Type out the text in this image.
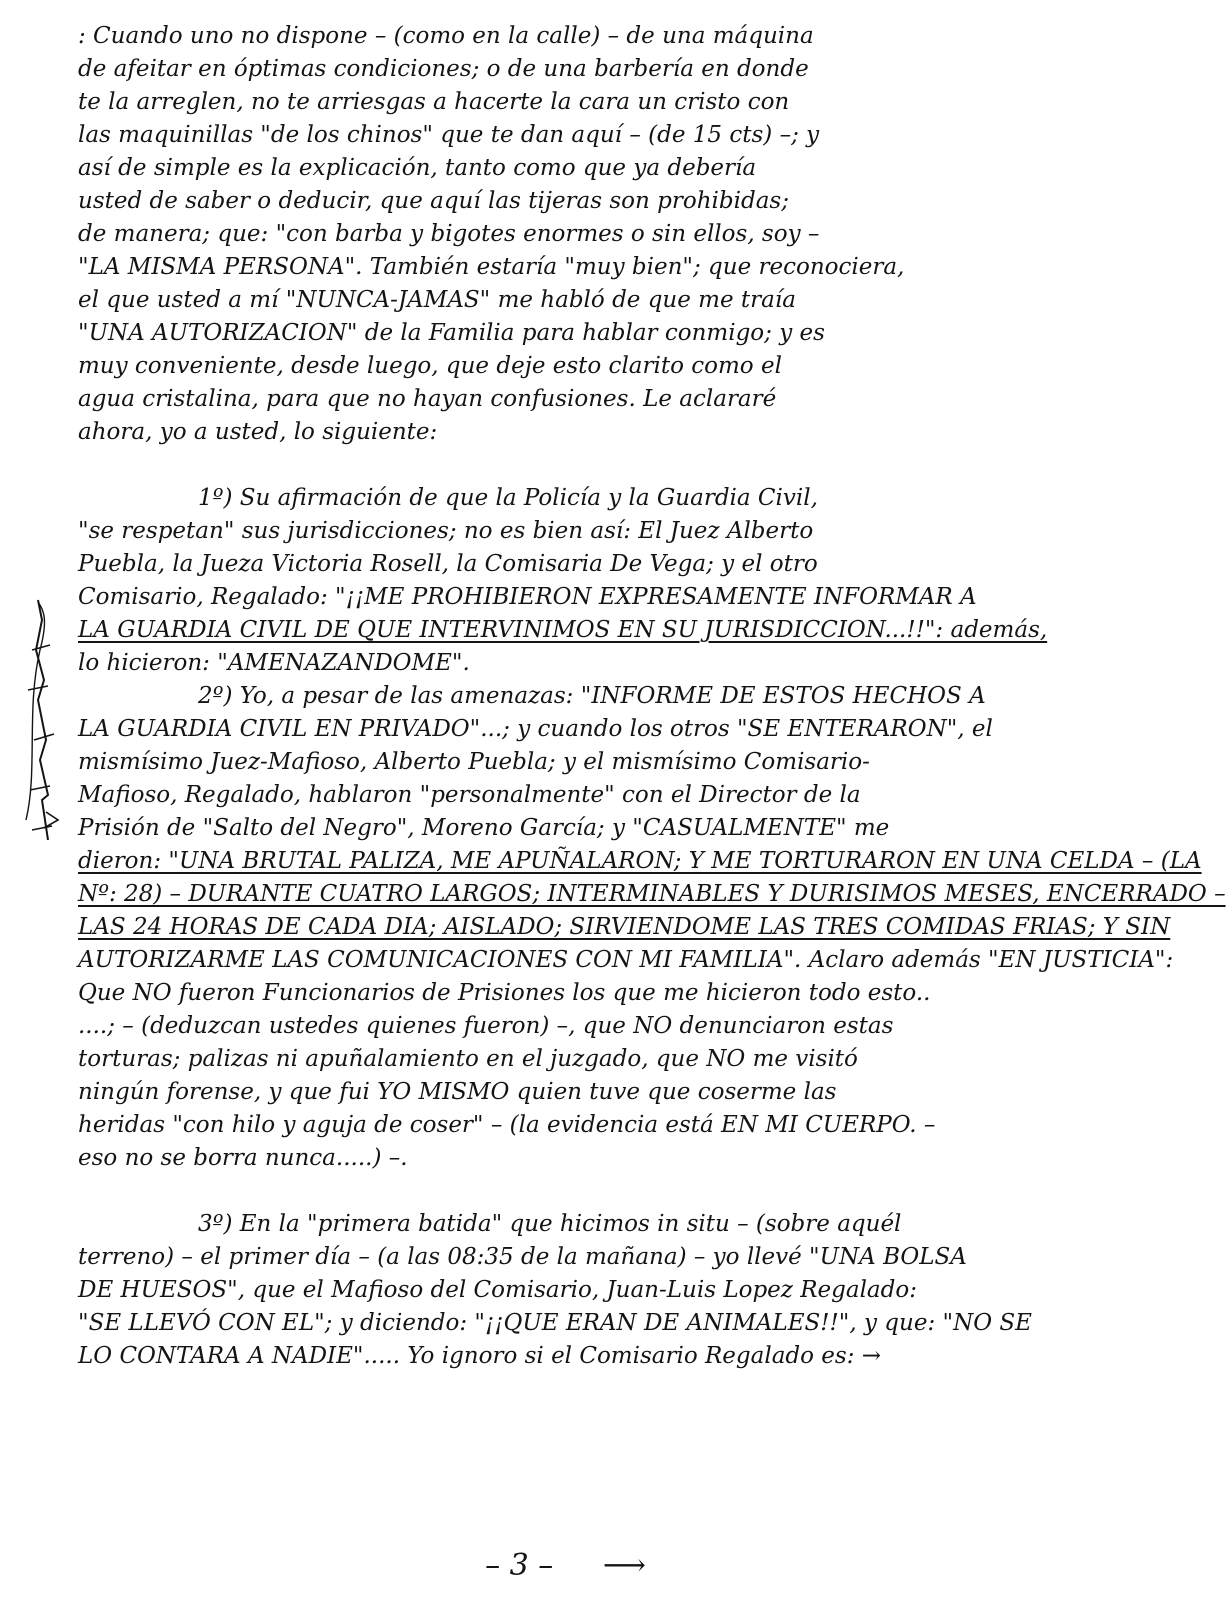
: Cuando uno no dispone – (como en la calle) – de una máquina
de afeitar en óptimas condiciones; o de una barbería en donde
te la arreglen, no te arriesgas a hacerte la cara un cristo con
las maquinillas "de los chinos" que te dan aquí – (de 15 cts) –; y
así de simple es la explicación, tanto como que ya debería
usted de saber o deducir, que aquí las tijeras son prohibidas;
de manera; que: "con barba y bigotes enormes o sin ellos, soy –
"LA MISMA PERSONA". También estaría "muy bien"; que reconociera,
el que usted a mí "NUNCA-JAMAS" me habló de que me traía
"UNA AUTORIZACION" de la Familia para hablar conmigo; y es
muy conveniente, desde luego, que deje esto clarito como el
agua cristalina, para que no hayan confusiones. Le aclararé
ahora, yo a usted, lo siguiente:
1º) Su afirmación de que la Policía y la Guardia Civil,
"se respetan" sus jurisdicciones; no es bien así: El Juez Alberto
Puebla, la Jueza Victoria Rosell, la Comisaria De Vega; y el otro
Comisario, Regalado: "¡¡ME PROHIBIERON EXPRESAMENTE INFORMAR A
LA GUARDIA CIVIL DE QUE INTERVINIMOS EN SU JURISDICCION...!!": además,
lo hicieron: "AMENAZANDOME".
2º) Yo, a pesar de las amenazas: "INFORME DE ESTOS HECHOS A
LA GUARDIA CIVIL EN PRIVADO"...; y cuando los otros "SE ENTERARON", el
mismísimo Juez-Mafioso, Alberto Puebla; y el mismísimo Comisario-
Mafioso, Regalado, hablaron "personalmente" con el Director de la
Prisión de "Salto del Negro", Moreno García; y "CASUALMENTE" me
dieron: "UNA BRUTAL PALIZA, ME APUÑALARON; Y ME TORTURARON EN UNA CELDA – (LA
Nº: 28) – DURANTE CUATRO LARGOS; INTERMINABLES Y DURISIMOS MESES, ENCERRADO –
LAS 24 HORAS DE CADA DIA; AISLADO; SIRVIENDOME LAS TRES COMIDAS FRIAS; Y SIN
AUTORIZARME LAS COMUNICACIONES CON MI FAMILIA". Aclaro además "EN JUSTICIA":
Que NO fueron Funcionarios de Prisiones los que me hicieron todo esto..
....; – (deduzcan ustedes quienes fueron) –, que NO denunciaron estas
torturas; palizas ni apuñalamiento en el juzgado, que NO me visitó
ningún forense, y que fui YO MISMO quien tuve que coserme las
heridas "con hilo y aguja de coser" – (la evidencia está EN MI CUERPO. –
eso no se borra nunca.....) –.
3º) En la "primera batida" que hicimos in situ – (sobre aquél
terreno) – el primer día – (a las 08:35 de la mañana) – yo llevé "UNA BOLSA
DE HUESOS", que el Mafioso del Comisario, Juan-Luis Lopez Regalado:
"SE LLEVÓ CON EL"; y diciendo: "¡¡QUE ERAN DE ANIMALES!!", y que: "NO SE
LO CONTARA A NADIE"..... Yo ignoro si el Comisario Regalado es: →
– 3 – ⟶
